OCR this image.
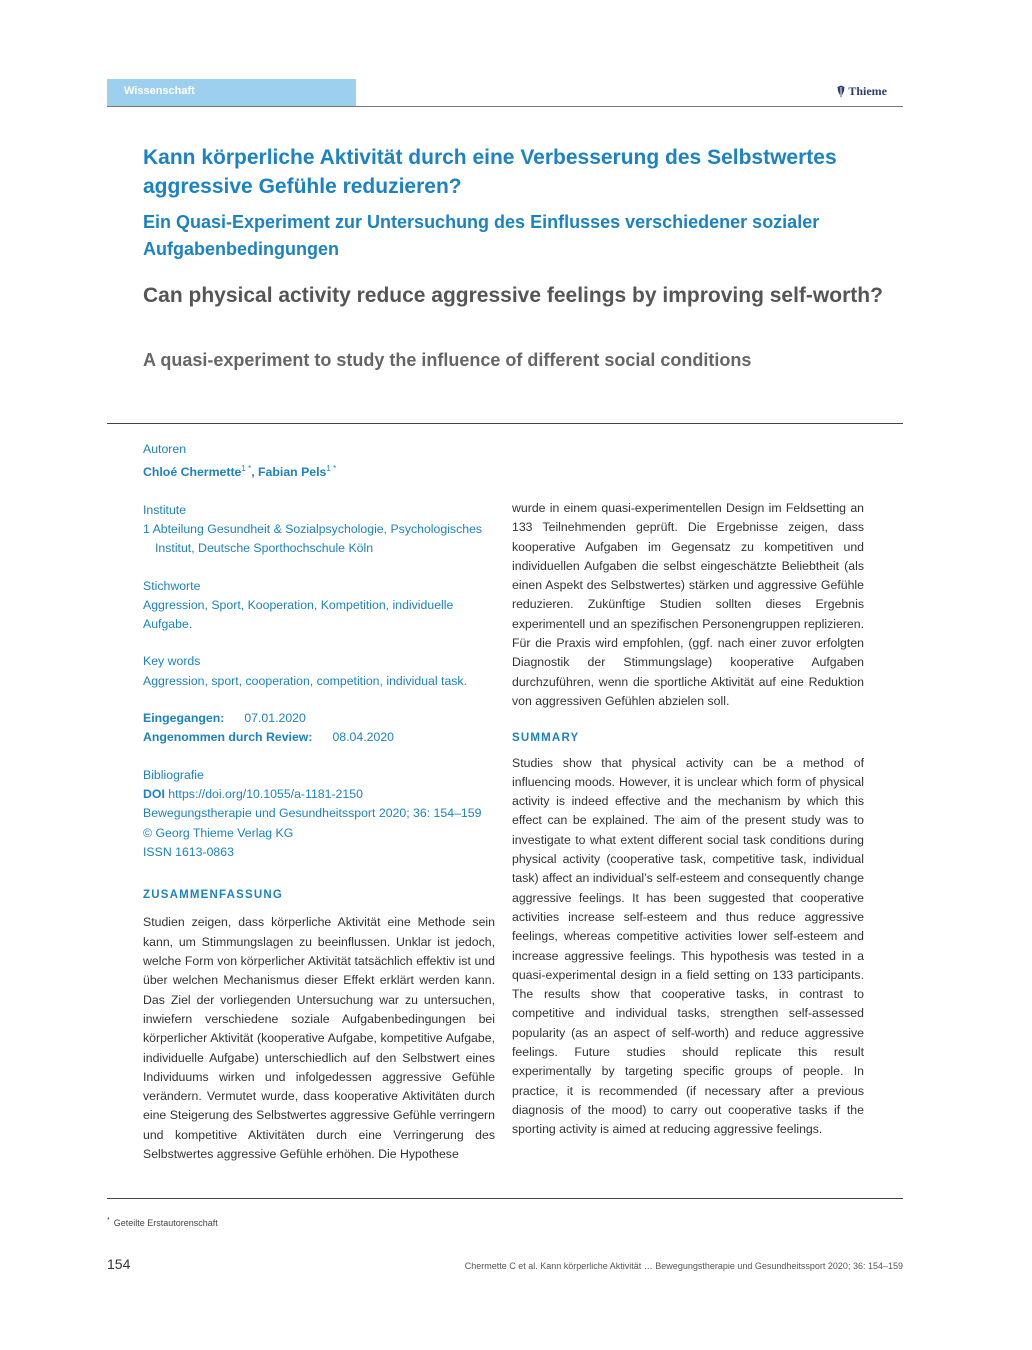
Wissenschaft	Thieme
Kann körperliche Aktivität durch eine Verbesserung des Selbstwertes aggressive Gefühle reduzieren?
Ein Quasi-Experiment zur Untersuchung des Einflusses verschiedener sozialer Aufgabenbedingungen
Can physical activity reduce aggressive feelings by improving self-worth?
A quasi-experiment to study the influence of different social conditions
Autoren
Chloé Chermette$^{1 *}$, Fabian Pels$^{1 *}$
Institute
1 Abteilung Gesundheit & Sozialpsychologie, Psychologisches Institut, Deutsche Sporthochschule Köln
Stichworte
Aggression, Sport, Kooperation, Kompetition, individuelle Aufgabe.
Key words
Aggression, sport, cooperation, competition, individual task.
Eingegangen: 07.01.2020
Angenommen durch Review: 08.04.2020
Bibliografie
DOI https://doi.org/10.1055/a-1181-2150
Bewegungstherapie und Gesundheitssport 2020; 36: 154–159
© Georg Thieme Verlag KG
ISSN 1613-0863
ZUSAMMENFASSUNG

Studien zeigen, dass körperliche Aktivität eine Methode sein kann, um Stimmungslagen zu beeinflussen. Unklar ist jedoch, welche Form von körperlicher Aktivität tatsächlich effektiv ist und über welchen Mechanismus dieser Effekt erklärt werden kann. Das Ziel der vorliegenden Untersuchung war zu untersuchen, inwiefern verschiedene soziale Aufgabenbedingungen bei körperlicher Aktivität (kooperative Aufgabe, kompetitive Aufgabe, individuelle Aufgabe) unterschiedlich auf den Selbstwert eines Individuums wirken und infolgedessen aggressive Gefühle verändern. Vermutet wurde, dass kooperative Aktivitäten durch eine Steigerung des Selbstwertes aggressive Gefühle verringern und kompetitive Aktivitäten durch eine Verringerung des Selbstwertes aggressive Gefühle erhöhen. Die Hypothese

wurde in einem quasi-experimentellen Design im Feldsetting an 133 Teilnehmenden geprüft. Die Ergebnisse zeigen, dass kooperative Aufgaben im Gegensatz zu kompetitiven und individuellen Aufgaben die selbst eingeschätzte Beliebtheit (als einen Aspekt des Selbstwertes) stärken und aggressive Gefühle reduzieren. Zukünftige Studien sollten dieses Ergebnis experimentell und an spezifischen Personengruppen replizieren. Für die Praxis wird empfohlen, (ggf. nach einer zuvor erfolgten Diagnostik der Stimmungslage) kooperative Aufgaben durchzuführen, wenn die sportliche Aktivität auf eine Reduktion von aggressiven Gefühlen abzielen soll.

SUMMARY

Studies show that physical activity can be a method of influencing moods. However, it is unclear which form of physical activity is indeed effective and the mechanism by which this effect can be explained. The aim of the present study was to investigate to what extent different social task conditions during physical activity (cooperative task, competitive task, individual task) affect an individual’s self-esteem and consequently change aggressive feelings. It has been suggested that cooperative activities increase self-esteem and thus reduce aggressive feelings, whereas competitive activities lower self-esteem and increase aggressive feelings. This hypothesis was tested in a quasi-experimental design in a field setting on 133 participants. The results show that cooperative tasks, in contrast to competitive and individual tasks, strengthen self-assessed popularity (as an aspect of self-worth) and reduce aggressive feelings. Future studies should replicate this result experimentally by targeting specific groups of people. In practice, it is recommended (if necessary after a previous diagnosis of the mood) to carry out cooperative tasks if the sporting activity is aimed at reducing aggressive feelings.

* Geteilte Erstautorenschaft
154	Chermette C et al. Kann körperliche Aktivität … Bewegungstherapie und Gesundheitssport 2020; 36: 154–159
